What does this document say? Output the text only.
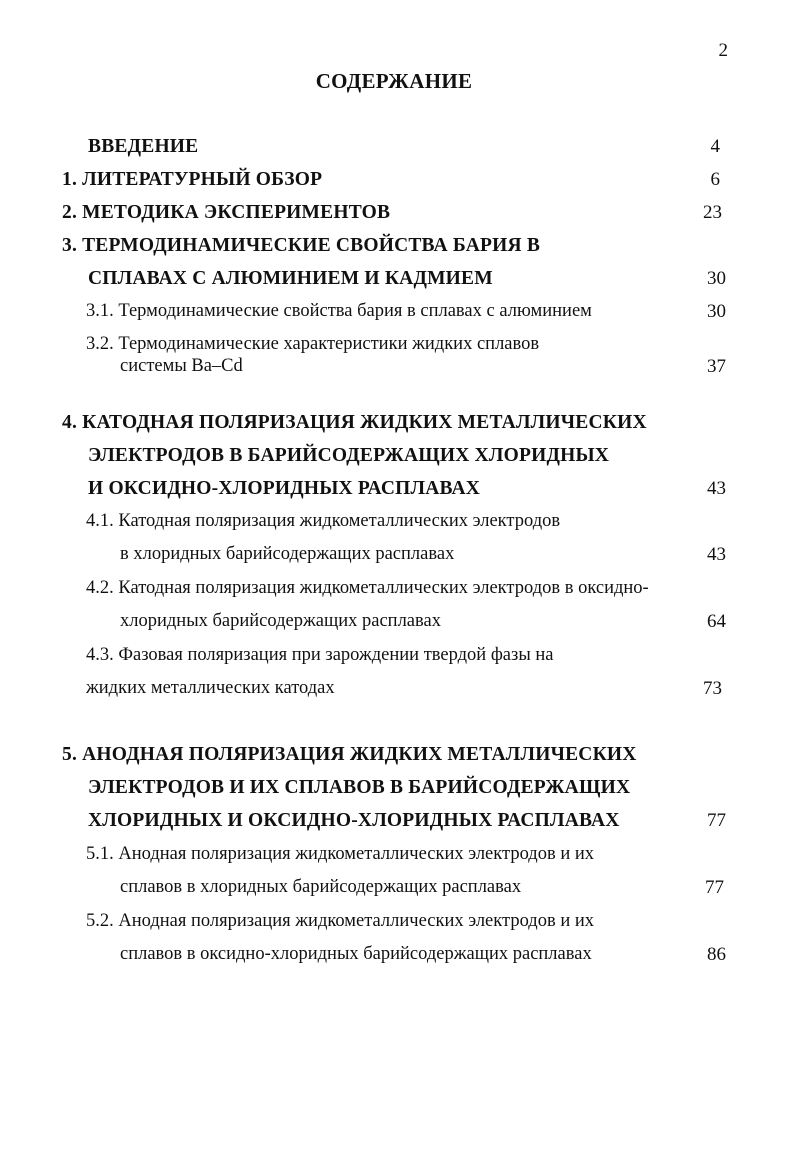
2
СОДЕРЖАНИЕ
ВВЕДЕНИЕ	4
1. ЛИТЕРАТУРНЫЙ ОБЗОР	6
2. МЕТОДИКА ЭКСПЕРИМЕНТОВ	23
3. ТЕРМОДИНАМИЧЕСКИЕ СВОЙСТВА БАРИЯ В
СПЛАВАХ С АЛЮМИНИЕМ И КАДМИЕМ	30
3.1. Термодинамические свойства бария в сплавах с алюминием	30
3.2. Термодинамические характеристики жидких сплавов
системы Ba–Cd	37
4. КАТОДНАЯ ПОЛЯРИЗАЦИЯ ЖИДКИХ МЕТАЛЛИЧЕСКИХ
ЭЛЕКТРОДОВ В БАРИЙСОДЕРЖАЩИХ ХЛОРИДНЫХ
И ОКСИДНО-ХЛОРИДНЫХ РАСПЛАВАХ	43
4.1. Катодная поляризация жидкометаллических электродов
в хлоридных барийсодержащих расплавах	43
4.2. Катодная поляризация жидкометаллических электродов в оксидно-
хлоридных барийсодержащих расплавах	64
4.3. Фазовая поляризация при зарождении твердой фазы на
жидких металлических катодах	73
5. АНОДНАЯ ПОЛЯРИЗАЦИЯ ЖИДКИХ МЕТАЛЛИЧЕСКИХ
ЭЛЕКТРОДОВ И ИХ СПЛАВОВ В БАРИЙСОДЕРЖАЩИХ
ХЛОРИДНЫХ И ОКСИДНО-ХЛОРИДНЫХ РАСПЛАВАХ	77
5.1. Анодная поляризация жидкометаллических электродов и их
сплавов в хлоридных барийсодержащих расплавах	77
5.2. Анодная поляризация жидкометаллических электродов и их
сплавов в оксидно-хлоридных барийсодержащих расплавах	86
